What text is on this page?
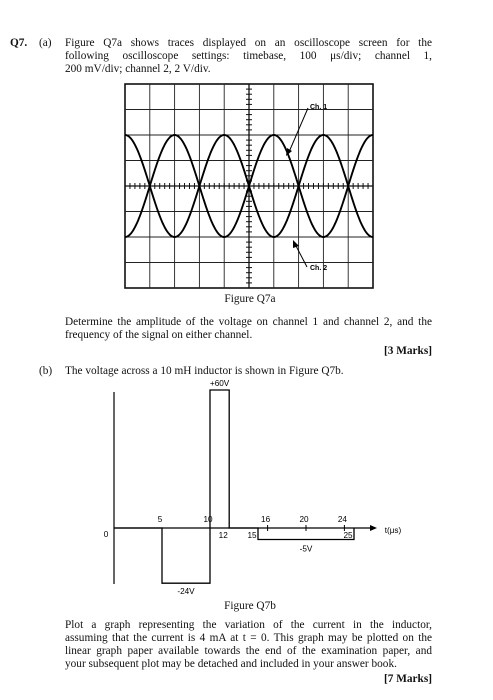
Q7. (a) Figure Q7a shows traces displayed on an oscilloscope screen for the
following oscilloscope settings: timebase, 100 μs/div; channel 1,
200 mV/div; channel 2, 2 V/div.
Ch. 1
Ch. 2
Figure Q7a
Determine the amplitude of the voltage on channel 1 and channel 2, and the
frequency of the signal on either channel.
[3 Marks]
(b) The voltage across a 10 mH inductor is shown in Figure Q7b.
0
+60V
-24V
-5V
t(μs)
5	10	16	20	24
12 15	25
Figure Q7b
Plot a graph representing the variation of the current in the inductor,
assuming that the current is 4 mA at t = 0. This graph may be plotted on the
linear graph paper available towards the end of the examination paper, and
your subsequent plot may be detached and included in your answer book.
[7 Marks]
